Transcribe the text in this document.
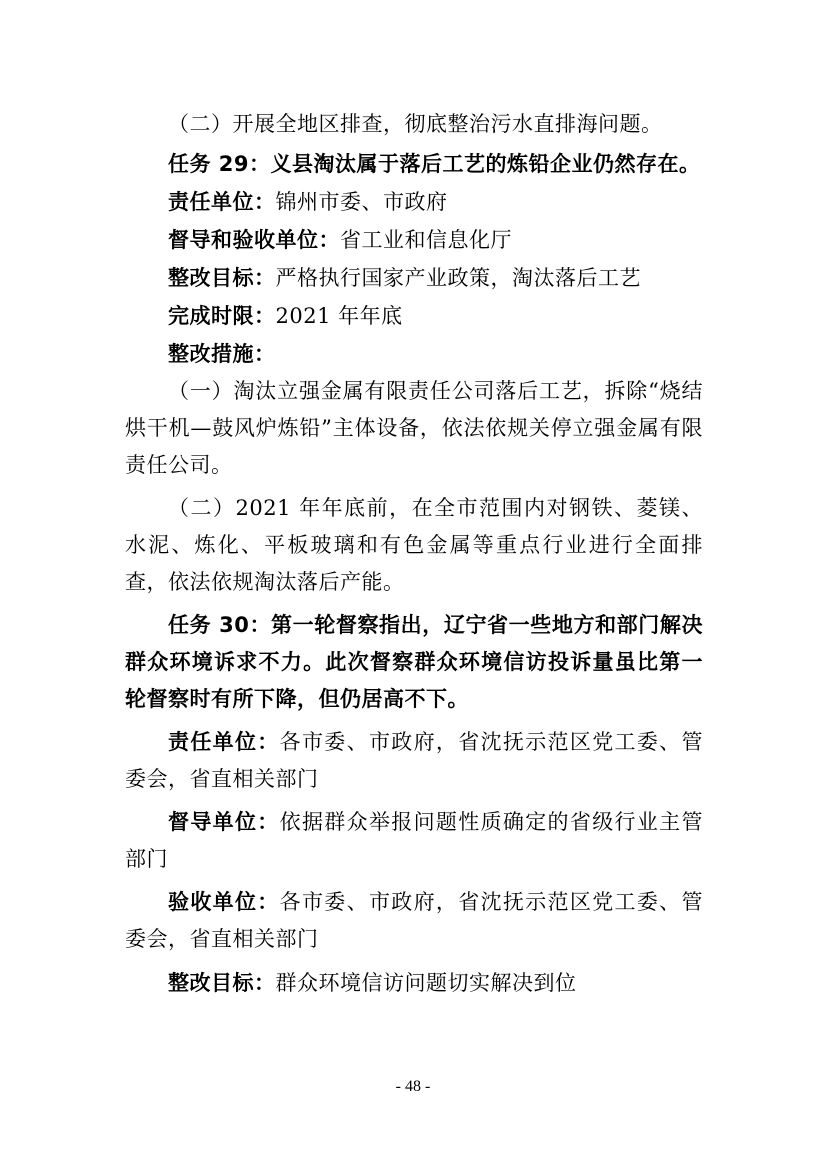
（二）开展全地区排查，彻底整治污水直排海问题。

任务 29：义县淘汰属于落后工艺的炼铅企业仍然存在。

责任单位：锦州市委、市政府

督导和验收单位：省工业和信息化厅

整改目标：严格执行国家产业政策，淘汰落后工艺

完成时限：2021 年年底

整改措施：

（一）淘汰立强金属有限责任公司落后工艺，拆除“烧结烘干机—鼓风炉炼铅”主体设备，依法依规关停立强金属有限责任公司。

（二）2021 年年底前，在全市范围内对钢铁、菱镁、水泥、炼化、平板玻璃和有色金属等重点行业进行全面排查，依法依规淘汰落后产能。

任务 30：第一轮督察指出，辽宁省一些地方和部门解决群众环境诉求不力。此次督察群众环境信访投诉量虽比第一轮督察时有所下降，但仍居高不下。

责任单位：各市委、市政府，省沈抚示范区党工委、管委会，省直相关部门

督导单位：依据群众举报问题性质确定的省级行业主管部门

验收单位：各市委、市政府，省沈抚示范区党工委、管委会，省直相关部门

整改目标：群众环境信访问题切实解决到位

- 48 -
